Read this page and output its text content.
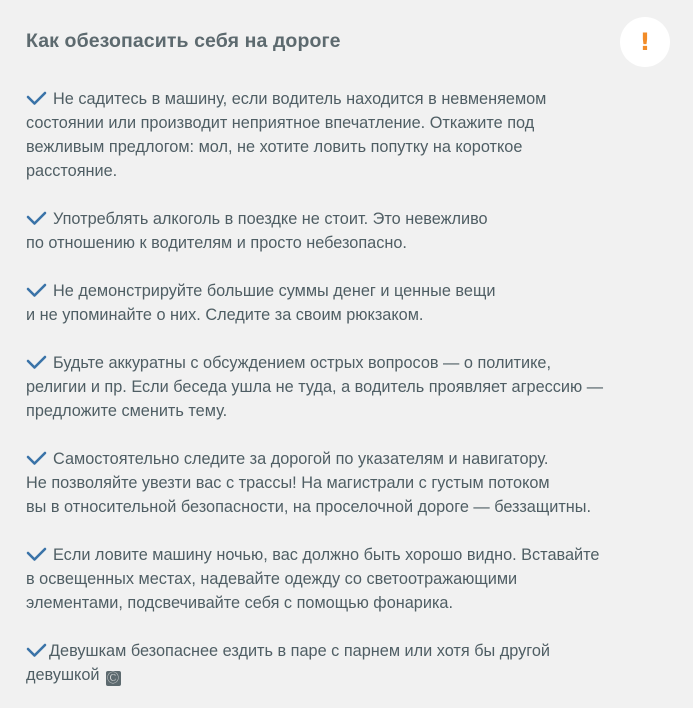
Как обезопасить себя на дороге	!
Не садитесь в машину, если водитель находится в невменяемом
состоянии или производит неприятное впечатление. Откажите под
вежливым предлогом: мол, не хотите ловить попутку на короткое
расстояние.
Употреблять алкоголь в поездке не стоит. Это невежливо
по отношению к водителям и просто небезопасно.
Не демонстрируйте большие суммы денег и ценные вещи
и не упоминайте о них. Следите за своим рюкзаком.
Будьте аккуратны с обсуждением острых вопросов — о политике,
религии и пр. Если беседа ушла не туда, а водитель проявляет агрессию —
предложите сменить тему.
Самостоятельно следите за дорогой по указателям и навигатору.
Не позволяйте увезти вас с трассы! На магистрали с густым потоком
вы в относительной безопасности, на проселочной дороге — беззащитны.
Если ловите машину ночью, вас должно быть хорошо видно. Вставайте
в освещенных местах, надевайте одежду со светоотражающими
элементами, подсвечивайте себя с помощью фонарика.
Девушкам безопаснее ездить в паре с парнем или хотя бы другой
девушкой Ⓒ
